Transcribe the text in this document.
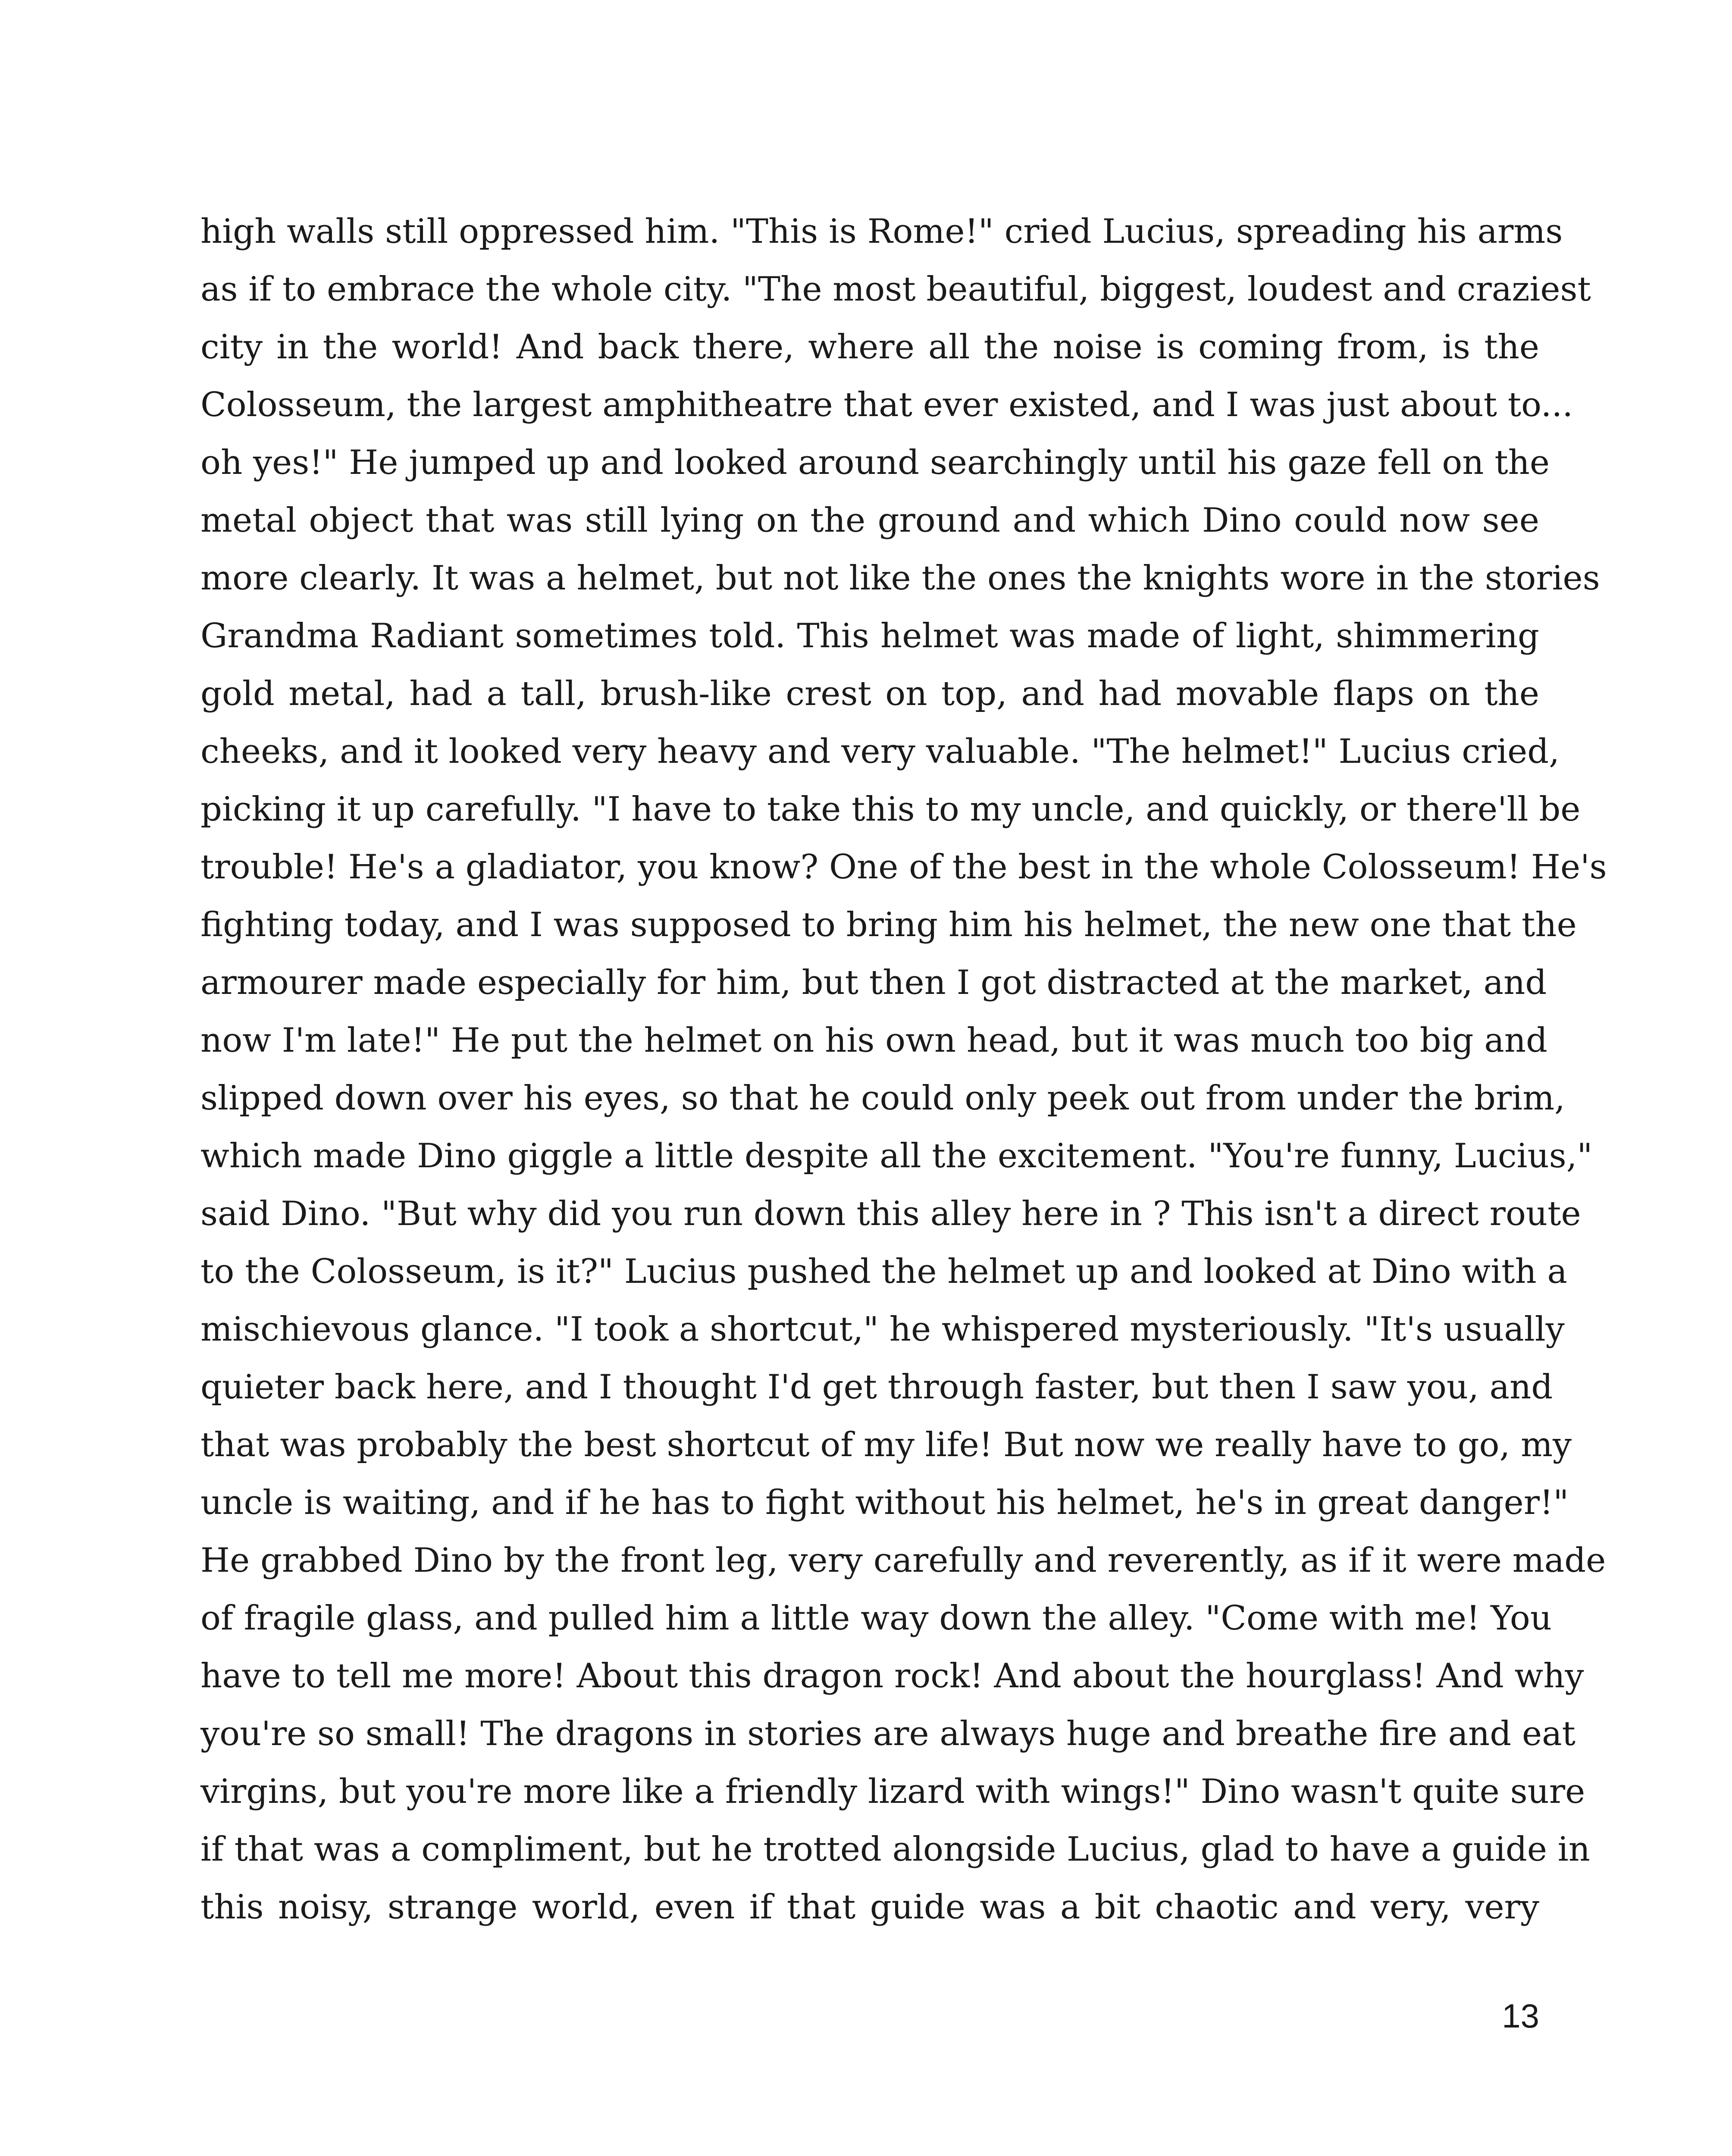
high walls still oppressed him. "This is Rome!" cried Lucius, spreading his arms
as if to embrace the whole city. "The most beautiful, biggest, loudest and craziest
city in the world! And back there, where all the noise is coming from, is the
Colosseum, the largest amphitheatre that ever existed, and I was just about to...
oh yes!" He jumped up and looked around searchingly until his gaze fell on the
metal object that was still lying on the ground and which Dino could now see
more clearly. It was a helmet, but not like the ones the knights wore in the stories
Grandma Radiant sometimes told. This helmet was made of light, shimmering
gold metal, had a tall, brush-like crest on top, and had movable flaps on the
cheeks, and it looked very heavy and very valuable. "The helmet!" Lucius cried,
picking it up carefully. "I have to take this to my uncle, and quickly, or there'll be
trouble! He's a gladiator, you know? One of the best in the whole Colosseum! He's
fighting today, and I was supposed to bring him his helmet, the new one that the
armourer made especially for him, but then I got distracted at the market, and
now I'm late!" He put the helmet on his own head, but it was much too big and
slipped down over his eyes, so that he could only peek out from under the brim,
which made Dino giggle a little despite all the excitement. "You're funny, Lucius,"
said Dino. "But why did you run down this alley here in ? This isn't a direct route
to the Colosseum, is it?" Lucius pushed the helmet up and looked at Dino with a
mischievous glance. "I took a shortcut," he whispered mysteriously. "It's usually
quieter back here, and I thought I'd get through faster, but then I saw you, and
that was probably the best shortcut of my life! But now we really have to go, my
uncle is waiting, and if he has to fight without his helmet, he's in great danger!"
He grabbed Dino by the front leg, very carefully and reverently, as if it were made
of fragile glass, and pulled him a little way down the alley. "Come with me! You
have to tell me more! About this dragon rock! And about the hourglass! And why
you're so small! The dragons in stories are always huge and breathe fire and eat
virgins, but you're more like a friendly lizard with wings!" Dino wasn't quite sure
if that was a compliment, but he trotted alongside Lucius, glad to have a guide in
this noisy, strange world, even if that guide was a bit chaotic and very, very
13
